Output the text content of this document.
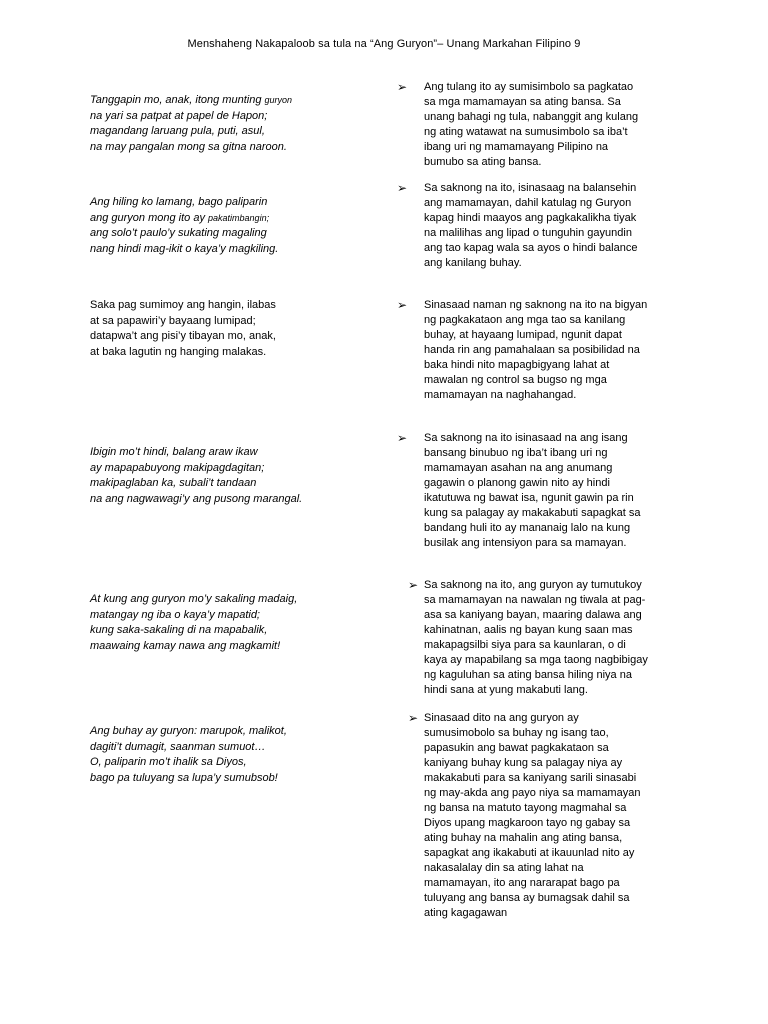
Menshaheng Nakapaloob sa tula na “Ang Guryon”– Unang Markahan Filipino 9
Tanggapin mo, anak, itong munting guryon
na yari sa patpat at papel de Hapon;
magandang laruang pula, puti, asul,
na may pangalan mong sa gitna naroon.
Ang hiling ko lamang, bago paliparin
ang guryon mong ito ay pakatimbangin;
ang solo’t paulo’y sukating magaling
nang hindi mag-ikit o kaya’y magkiling.
Saka pag sumimoy ang hangin, ilabas
at sa papawiri’y bayaang lumipad;
datapwa’t ang pisi’y tibayan mo, anak,
at baka lagutin ng hanging malakas.
Ibigin mo’t hindi, balang araw ikaw
ay mapapabuyong makipagdagitan;
makipaglaban ka, subali’t tandaan
na ang nagwawagi’y ang pusong marangal.
At kung ang guryon mo’y sakaling madaig,
matangay ng iba o kaya’y mapatid;
kung saka-sakaling di na mapabalik,
maawaing kamay nawa ang magkamit!
Ang buhay ay guryon: marupok, malikot,
dagiti’t dumagit, saanman sumuot…
O, paliparin mo’t ihalik sa Diyos,
bago pa tuluyang sa lupa’y sumubsob!
➢ Ang tulang ito ay sumisimbolo sa pagkatao
sa mga mamamayan sa ating bansa. Sa
unang bahagi ng tula, nabanggit ang kulang
ng ating watawat na sumusimbolo sa iba’t
ibang uri ng mamamayang Pilipino na
bumubo sa ating bansa.
➢ Sa saknong na ito, isinasaag na balansehin
ang mamamayan, dahil katulag ng Guryon
kapag hindi maayos ang pagkakalikha tiyak
na malilihas ang lipad o tunguhin gayundin
ang tao kapag wala sa ayos o hindi balance
ang kanilang buhay.
➢ Sinasaad naman ng saknong na ito na bigyan
ng pagkakataon ang mga tao sa kanilang
buhay, at hayaang lumipad, ngunit dapat
handa rin ang pamahalaan sa posibilidad na
baka hindi nito mapagbigyang lahat at
mawalan ng control sa bugso ng mga
mamamayan na naghahangad.
➢ Sa saknong na ito isinasaad na ang isang
bansang binubuo ng iba’t ibang uri ng
mamamayan asahan na ang anumang
gagawin o planong gawin nito ay hindi
ikatutuwa ng bawat isa, ngunit gawin pa rin
kung sa palagay ay makakabuti sapagkat sa
bandang huli ito ay mananaig lalo na kung
busilak ang intensiyon para sa mamayan.
➢ Sa saknong na ito, ang guryon ay tumutukoy
sa mamamayan na nawalan ng tiwala at pag-
asa sa kaniyang bayan, maaring dalawa ang
kahinatnan, aalis ng bayan kung saan mas
makapagsilbi siya para sa kaunlaran, o di
kaya ay mapabilang sa mga taong nagbibigay
ng kaguluhan sa ating bansa hiling niya na
hindi sana at yung makabuti lang.
➢ Sinasaad dito na ang guryon ay
sumusimobolo sa buhay ng isang tao,
papasukin ang bawat pagkakataon sa
kaniyang buhay kung sa palagay niya ay
makakabuti para sa kaniyang sarili sinasabi
ng may-akda ang payo niya sa mamamayan
ng bansa na matuto tayong magmahal sa
Diyos upang magkaroon tayo ng gabay sa
ating buhay na mahalin ang ating bansa,
sapagkat ang ikakabuti at ikauunlad nito ay
nakasalalay din sa ating lahat na
mamamayan, ito ang nararapat bago pa
tuluyang ang bansa ay bumagsak dahil sa
ating kagagawan
